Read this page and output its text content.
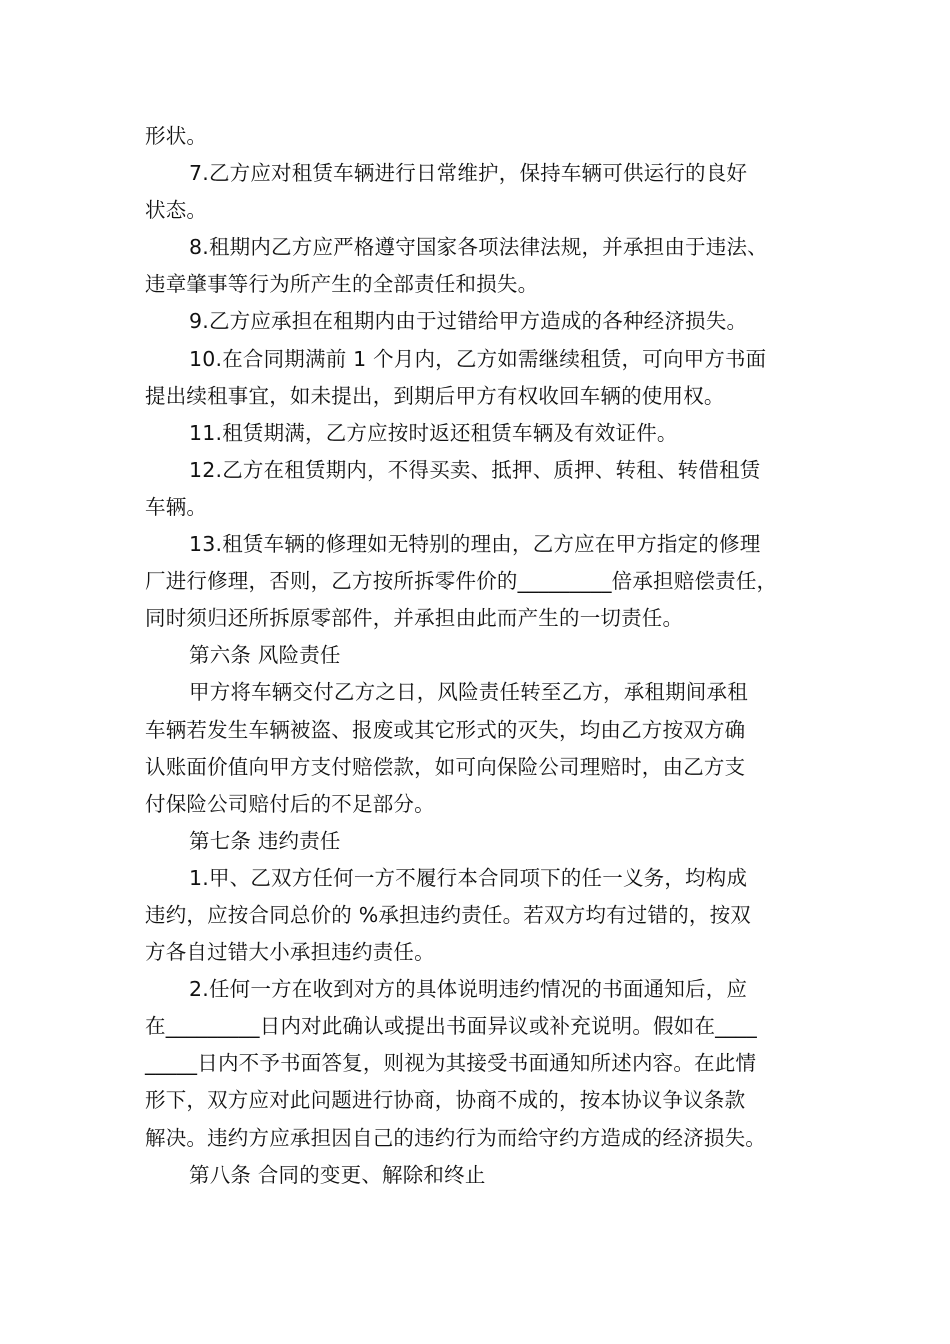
形状。
7.乙方应对租赁车辆进行日常维护，保持车辆可供运行的良好
状态。
8.租期内乙方应严格遵守国家各项法律法规，并承担由于违法、
违章肇事等行为所产生的全部责任和损失。
9.乙方应承担在租期内由于过错给甲方造成的各种经济损失。
10.在合同期满前 1 个月内，乙方如需继续租赁，可向甲方书面
提出续租事宜，如未提出，到期后甲方有权收回车辆的使用权。
11.租赁期满，乙方应按时返还租赁车辆及有效证件。
12.乙方在租赁期内，不得买卖、抵押、质押、转租、转借租赁
车辆。
13.租赁车辆的修理如无特别的理由，乙方应在甲方指定的修理
厂进行修理，否则，乙方按所拆零件价的_________倍承担赔偿责任，
同时须归还所拆原零部件，并承担由此而产生的一切责任。
第六条 风险责任
甲方将车辆交付乙方之日，风险责任转至乙方，承租期间承租
车辆若发生车辆被盗、报废或其它形式的灭失，均由乙方按双方确
认账面价值向甲方支付赔偿款，如可向保险公司理赔时，由乙方支
付保险公司赔付后的不足部分。
第七条 违约责任
1.甲、乙双方任何一方不履行本合同项下的任一义务，均构成
违约，应按合同总价的 %承担违约责任。若双方均有过错的，按双
方各自过错大小承担违约责任。
2.任何一方在收到对方的具体说明违约情况的书面通知后，应
在_________日内对此确认或提出书面异议或补充说明。假如在____
_____日内不予书面答复，则视为其接受书面通知所述内容。在此情
形下，双方应对此问题进行协商，协商不成的，按本协议争议条款
解决。违约方应承担因自己的违约行为而给守约方造成的经济损失。
第八条 合同的变更、解除和终止
